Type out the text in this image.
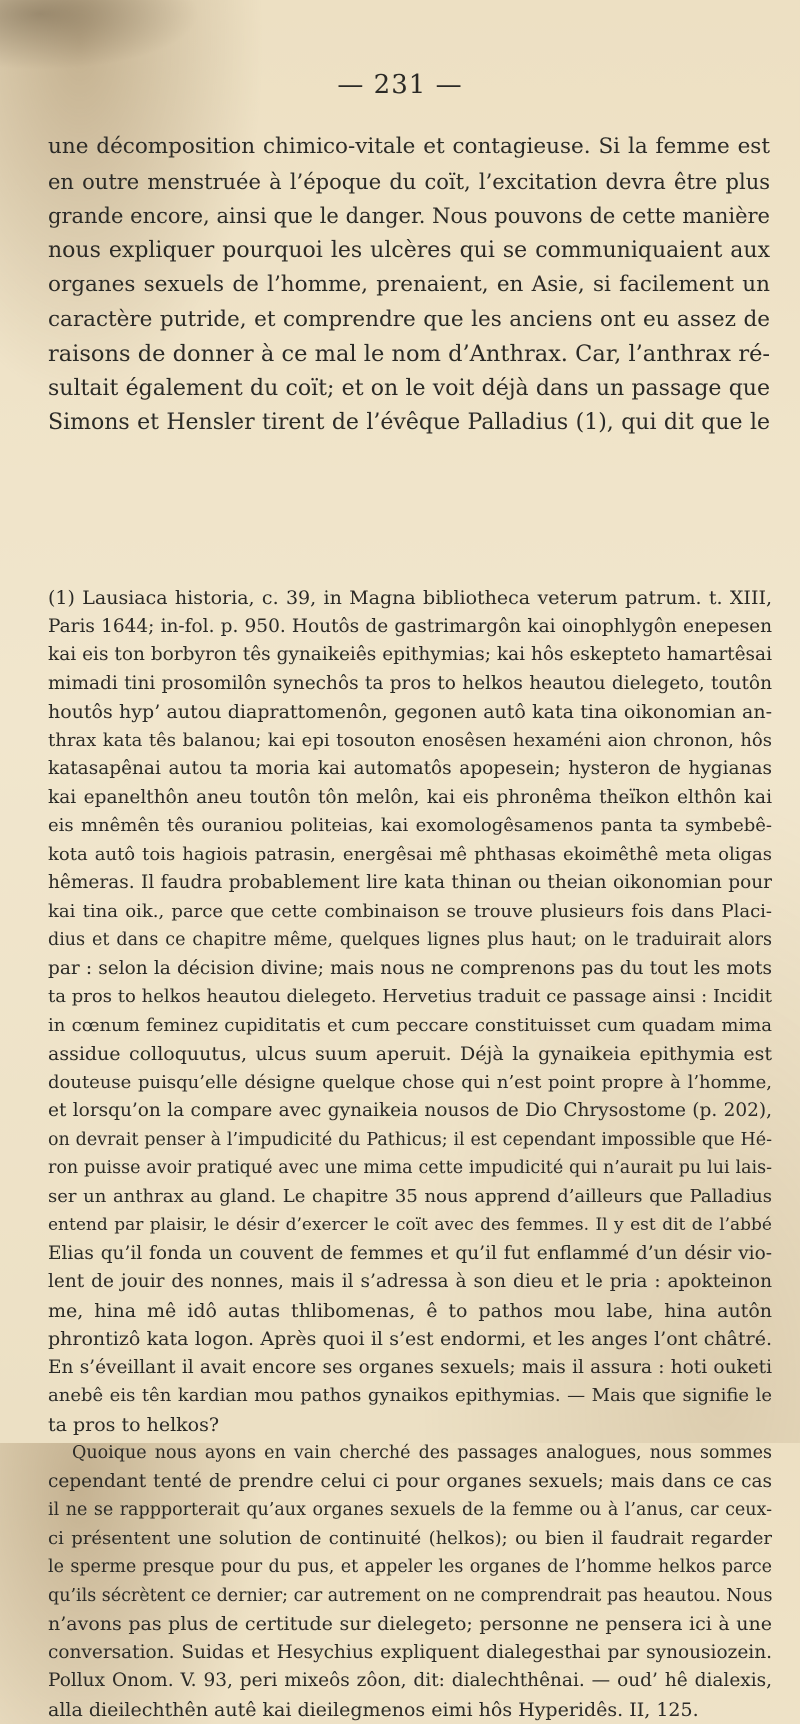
— 231 —

une décomposition chimico-vitale et contagieuse. Si la femme est
en outre menstruée à l’époque du coït, l’excitation devra être plus
grande encore, ainsi que le danger. Nous pouvons de cette manière
nous expliquer pourquoi les ulcères qui se communiquaient aux
organes sexuels de l’homme, prenaient, en Asie, si facilement un
caractère putride, et comprendre que les anciens ont eu assez de
raisons de donner à ce mal le nom d’Anthrax. Car, l’anthrax ré-
sultait également du coït; et on le voit déjà dans un passage que
Simons et Hensler tirent de l’évêque Palladius (1), qui dit que le
(1) Lausiaca historia, c. 39, in Magna bibliotheca veterum patrum. t. XIII,
Paris 1644; in-fol. p. 950. Houtôs de gastrimargôn kai oinophlygôn enepesen
kai eis ton borbyron tês gynaikeiês epithymias; kai hôs eskepteto hamartêsai
mimadi tini prosomilôn synechôs ta pros to helkos heautou dielegeto, toutôn
houtôs hyp’ autou diaprattomenôn, gegonen autô kata tina oikonomian an-
thrax kata tês balanou; kai epi tosouton enosêsen hexaméni aion chronon, hôs
katasapênai autou ta moria kai automatôs apopesein; hysteron de hygianas
kai epanelthôn aneu toutôn tôn melôn, kai eis phronêma theïkon elthôn kai
eis mnêmên tês ouraniou politeias, kai exomologêsamenos panta ta symbebê-
kota autô tois hagiois patrasin, energêsai mê phthasas ekoimêthê meta oligas
hêmeras. Il faudra probablement lire kata thinan ou theian oikonomian pour
kai tina oik., parce que cette combinaison se trouve plusieurs fois dans Placi-
dius et dans ce chapitre même, quelques lignes plus haut; on le traduirait alors
par : selon la décision divine; mais nous ne comprenons pas du tout les mots
ta pros to helkos heautou dielegeto. Hervetius traduit ce passage ainsi : Incidit
in cœnum feminez cupiditatis et cum peccare constituisset cum quadam mima
assidue colloquutus, ulcus suum aperuit. Déjà la gynaikeia epithymia est
douteuse puisqu’elle désigne quelque chose qui n’est point propre à l’homme,
et lorsqu’on la compare avec gynaikeia nousos de Dio Chrysostome (p. 202),
on devrait penser à l’impudicité du Pathicus; il est cependant impossible que Hé-
ron puisse avoir pratiqué avec une mima cette impudicité qui n’aurait pu lui lais-
ser un anthrax au gland. Le chapitre 35 nous apprend d’ailleurs que Palladius
entend par plaisir, le désir d’exercer le coït avec des femmes. Il y est dit de l’abbé
Elias qu’il fonda un couvent de femmes et qu’il fut enflammé d’un désir vio-
lent de jouir des nonnes, mais il s’adressa à son dieu et le pria : apokteinon
me, hina mê idô autas thlibomenas, ê to pathos mou labe, hina autôn
phrontizô kata logon. Après quoi il s’est endormi, et les anges l’ont châtré.
En s’éveillant il avait encore ses organes sexuels; mais il assura : hoti ouketi
anebê eis tên kardian mou pathos gynaikos epithymias. — Mais que signifie le
ta pros to helkos?
Quoique nous ayons en vain cherché des passages analogues, nous sommes
cependant tenté de prendre celui ci pour organes sexuels; mais dans ce cas
il ne se rappporterait qu’aux organes sexuels de la femme ou à l’anus, car ceux-
ci présentent une solution de continuité (helkos); ou bien il faudrait regarder
le sperme presque pour du pus, et appeler les organes de l’homme helkos parce
qu’ils sécrètent ce dernier; car autrement on ne comprendrait pas heautou. Nous
n’avons pas plus de certitude sur dielegeto; personne ne pensera ici à une
conversation. Suidas et Hesychius expliquent dialegesthai par synousiozein.
Pollux Onom. V. 93, peri mixeôs zôon, dit: dialechthênai. — oud’ hê dialexis,
alla dieilechthên autê kai dieilegmenos eimi hôs Hyperidês. II, 125.
